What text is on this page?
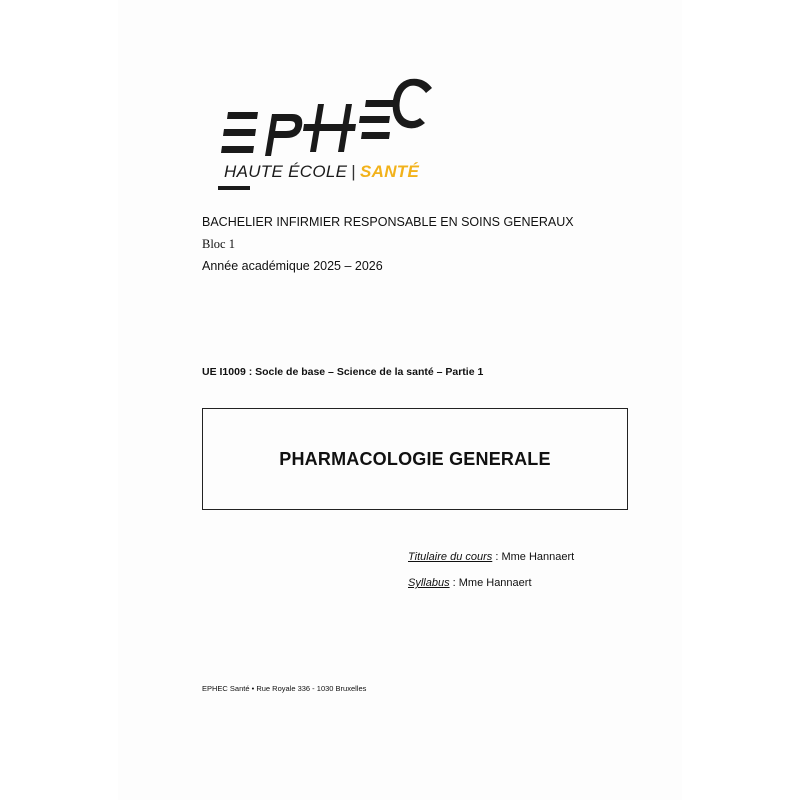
HAUTE ÉCOLE | SANTÉ
BACHELIER INFIRMIER RESPONSABLE EN SOINS GENERAUX
Bloc 1
Année académique 2025 – 2026
UE I1009 : Socle de base – Science de la santé – Partie 1
PHARMACOLOGIE GENERALE
Titulaire du cours : Mme Hannaert
Syllabus : Mme Hannaert
EPHEC Santé • Rue Royale 336 - 1030 Bruxelles
